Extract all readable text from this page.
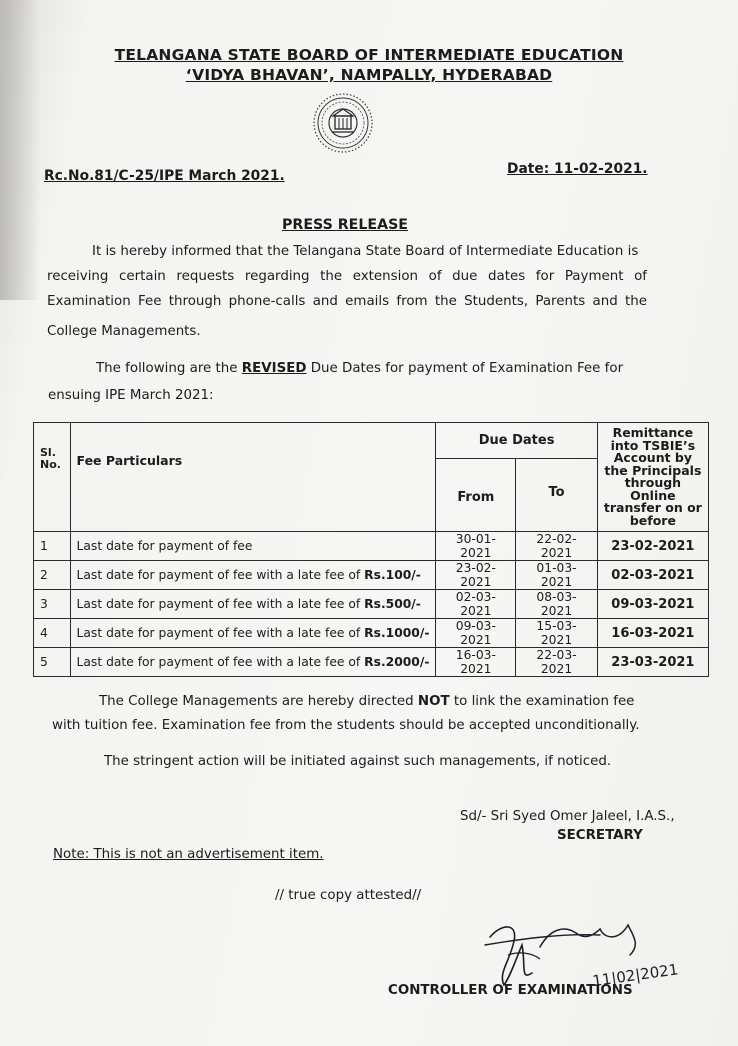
TELANGANA STATE BOARD OF INTERMEDIATE EDUCATION
‘VIDYA BHAVAN’, NAMPALLY, HYDERABAD
Rc.No.81/C-25/IPE March 2021.	Date: 11-02-2021.
PRESS RELEASE
It is hereby informed that the Telangana State Board of Intermediate Education is
receiving certain requests regarding the extension of due dates for Payment of
Examination Fee through phone-calls and emails from the Students, Parents and the
College Managements.
The following are the REVISED Due Dates for payment of Examination Fee for
ensuing IPE March 2021:
Sl. No.	Fee Particulars	Due Dates		Remittance into TSBIE’s Account by the Principals through Online transfer on or before
		From	To	
1	Last date for payment of fee	30-01-2021	22-02-2021	23-02-2021
2	Last date for payment of fee with a late fee of Rs.100/-	23-02-2021	01-03-2021	02-03-2021
3	Last date for payment of fee with a late fee of Rs.500/-	02-03-2021	08-03-2021	09-03-2021
4	Last date for payment of fee with a late fee of Rs.1000/-	09-03-2021	15-03-2021	16-03-2021
5	Last date for payment of fee with a late fee of Rs.2000/-	16-03-2021	22-03-2021	23-03-2021
The College Managements are hereby directed NOT to link the examination fee
with tuition fee. Examination fee from the students should be accepted unconditionally.
The stringent action will be initiated against such managements, if noticed.
Sd/- Sri Syed Omer Jaleel, I.A.S.,
SECRETARY
Note: This is not an advertisement item.
// true copy attested//
11|02|2021
CONTROLLER OF EXAMINATIONS
